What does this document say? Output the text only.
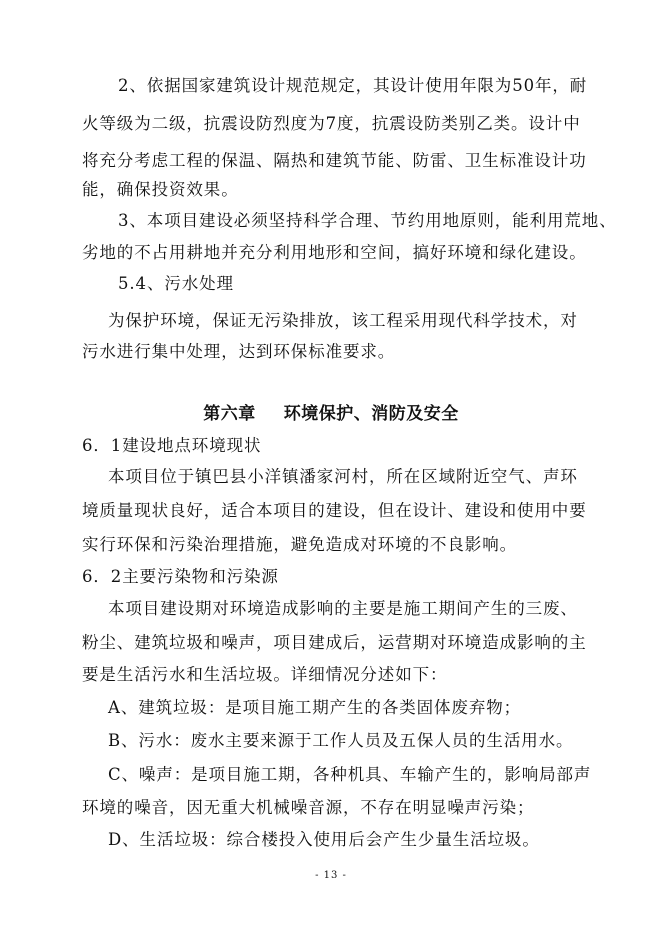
2、依据国家建筑设计规范规定，其设计使用年限为50年，耐
火等级为二级，抗震设防烈度为7度，抗震设防类别乙类。设计中
将充分考虑工程的保温、隔热和建筑节能、防雷、卫生标准设计功
能，确保投资效果。
3、本项目建设必须坚持科学合理、节约用地原则，能利用荒地、
劣地的不占用耕地并充分利用地形和空间，搞好环境和绿化建设。
5.4、污水处理
为保护环境，保证无污染排放，该工程采用现代科学技术，对
污水进行集中处理，达到环保标准要求。
第六章 环境保护、消防及安全
6．1建设地点环境现状
本项目位于镇巴县小洋镇潘家河村，所在区域附近空气、声环
境质量现状良好，适合本项目的建设，但在设计、建设和使用中要
实行环保和污染治理措施，避免造成对环境的不良影响。
6．2主要污染物和污染源
本项目建设期对环境造成影响的主要是施工期间产生的三废、
粉尘、建筑垃圾和噪声，项目建成后，运营期对环境造成影响的主
要是生活污水和生活垃圾。详细情况分述如下：
A、建筑垃圾：是项目施工期产生的各类固体废弃物；
B、污水：废水主要来源于工作人员及五保人员的生活用水。
C、噪声：是项目施工期，各种机具、车输产生的，影响局部声
环境的噪音，因无重大机械噪音源，不存在明显噪声污染；
D、生活垃圾：综合楼投入使用后会产生少量生活垃圾。
- 13 -
